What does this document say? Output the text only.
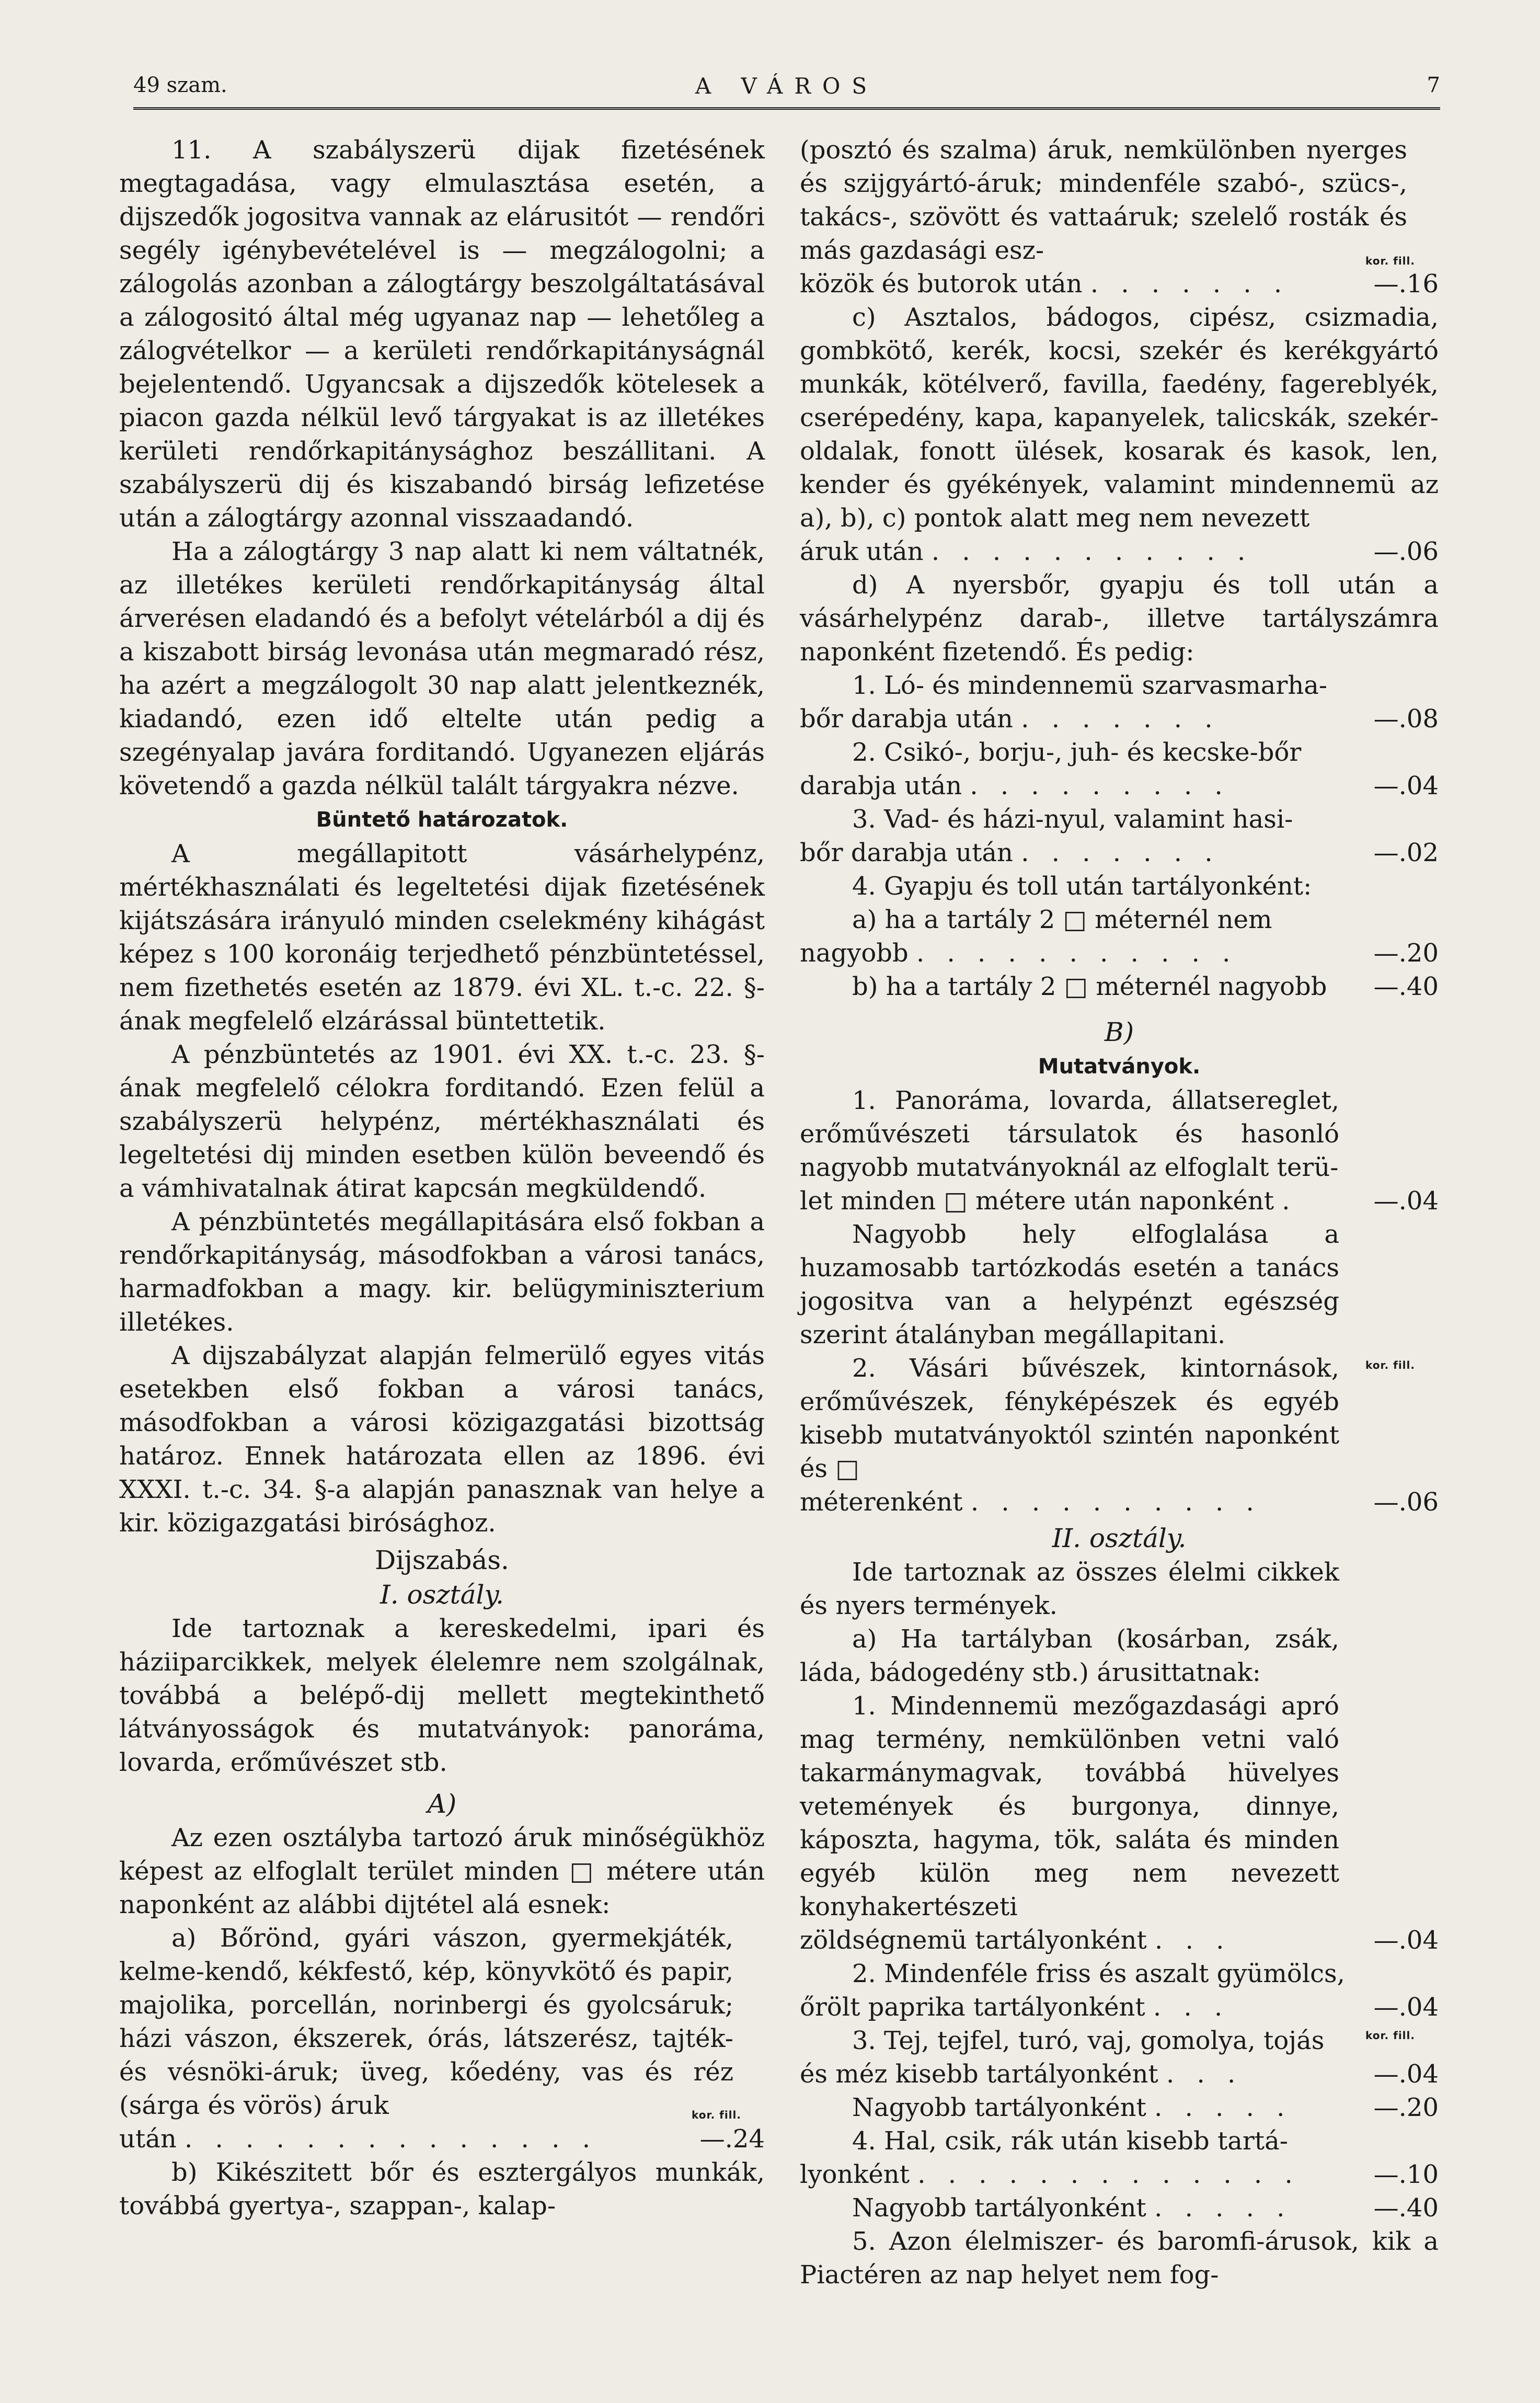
49 szam.	A VÁROS	7

11. A szabályszerü dijak fizetésének megtagadása, vagy elmulasztása esetén, a dijszedők jogositva vannak az elárusitót — rendőri segély igénybevételével is — megzálogolni; a zálogolás azonban a zálogtárgy beszolgáltatásával a zálogositó által még ugyanaz nap — lehetőleg a zálogvételkor — a kerületi rendőrkapitányságnál bejelentendő. Ugyancsak a dijszedők kötelesek a piacon gazda nélkül levő tárgyakat is az illetékes kerületi rendőrkapitánysághoz beszállitani. A szabályszerü dij és kiszabandó birság lefizetése után a zálogtárgy azonnal visszaadandó.

Ha a zálogtárgy 3 nap alatt ki nem váltatnék, az illetékes kerületi rendőrkapitányság által árverésen eladandó és a befolyt vételárból a dij és a kiszabott birság levonása után megmaradó rész, ha azért a megzálogolt 30 nap alatt jelentkeznék, kiadandó, ezen idő eltelte után pedig a szegényalap javára forditandó. Ugyanezen eljárás követendő a gazda nélkül talált tárgyakra nézve.

Büntető határozatok.

A megállapitott vásárhelypénz, mértékhasználati és legeltetési dijak fizetésének kijátszására irányuló minden cselekmény kihágást képez s 100 koronáig terjedhető pénzbüntetéssel, nem fizethetés esetén az 1879. évi XL. t.-c. 22. §-ának megfelelő elzárással büntettetik.

A pénzbüntetés az 1901. évi XX. t.-c. 23. §-ának megfelelő célokra forditandó. Ezen felül a szabályszerü helypénz, mértékhasználati és legeltetési dij minden esetben külön beveendő és a vámhivatalnak átirat kapcsán megküldendő.

A pénzbüntetés megállapitására első fokban a rendőrkapitányság, másodfokban a városi tanács, harmadfokban a magy. kir. belügyminiszterium illetékes.

A dijszabályzat alapján felmerülő egyes vitás esetekben első fokban a városi tanács, másodfokban a városi közigazgatási bizottság határoz. Ennek határozata ellen az 1896. évi XXXI. t.-c. 34. §-a alapján panasznak van helye a kir. közigazgatási birósághoz.

Dijszabás.

I. osztály.

Ide tartoznak a kereskedelmi, ipari és háziiparcikkek, melyek élelemre nem szolgálnak, továbbá a belépő-dij mellett megtekinthető látványosságok és mutatványok: panoráma, lovarda, erőművészet stb.

A)

Az ezen osztályba tartozó áruk minőségükhöz képest az elfoglalt terület minden □ métere után naponként az alábbi dijtétel alá esnek:

a) Bőrönd, gyári vászon, gyermekjáték, kelme-kendő, kékfestő, kép, könyvkötő és papir, majolika, porcellán, norinbergi és gyolcsáruk; házi vászon, ékszerek, órás, látszerész, tajték- és vésnöki-áruk; üveg, kőedény, vas és réz (sárga és vörös) áruk	kor. fill.
után . . . . . . . . . . . . . .	—.24

b) Kikészitett bőr és esztergályos munkák, továbbá gyertya-, szappan-, kalap-

(posztó és szalma) áruk, nemkülönben nyerges és szijgyártó-áruk; mindenféle szabó-, szücs-, takács-, szövött és vattaáruk; szelelő rosták és más gazdasági esz-	kor. fill.
közök és butorok után . . . . . . .	—.16

c) Asztalos, bádogos, cipész, csizmadia, gombkötő, kerék, kocsi, szekér és kerékgyártó munkák, kötélverő, favilla, faedény, fagereblyék, cserépedény, kapa, kapanyelek, talicskák, szekér-oldalak, fonott ülések, kosarak és kasok, len, kender és gyékények, valamint mindennemü az a), b), c) pontok alatt meg nem nevezett

áruk után . . . . . . . . . . .	—.06

d) A nyersbőr, gyapju és toll után a vásárhelypénz darab-, illetve tartályszámra naponként fizetendő. És pedig:

1. Ló- és mindennemü szarvasmarha-

bőr darabja után . . . . . . .	—.08

2. Csikó-, borju-, juh- és kecske-bőr

darabja után . . . . . . . . .	—.04

3. Vad- és házi-nyul, valamint hasi-

bőr darabja után . . . . . . .	—.02

4. Gyapju és toll után tartályonként:

a) ha a tartály 2 □ méternél nem

nagyobb . . . . . . . . . . .	—.20
b) ha a tartály 2 □ méternél nagyobb —.40

B)

Mutatványok.

1. Panoráma, lovarda, állatsereglet, erőművészeti társulatok és hasonló nagyobb mutatványoknál az elfoglalt terü-

let minden □ métere után naponként .	—.04

Nagyobb hely elfoglalása a huzamosabb tartózkodás esetén a tanács jogositva van a helypénzt egészség szerint átalányban megállapitani.

kor. fill.

2. Vásári bűvészek, kintornások, erőművészek, fényképészek és egyéb kisebb mutatványoktól szintén naponként és □

méterenként . . . . . . . . . .	—.06

II. osztály.

Ide tartoznak az összes élelmi cikkek és nyers termények.

a) Ha tartályban (kosárban, zsák, láda, bádogedény stb.) árusittatnak:

1. Mindennemü mezőgazdasági apró mag termény, nemkülönben vetni való takarmánymagvak, továbbá hüvelyes vetemények és burgonya, dinnye, káposzta, hagyma, tök, saláta és minden egyéb külön meg nem nevezett konyhakertészeti

zöldségnemü tartályonként . . .	—.04

2. Mindenféle friss és aszalt gyümölcs,

őrölt paprika tartályonként . . .	—.04
kor. fill.

3. Tej, tejfel, turó, vaj, gomolya, tojás

és méz kisebb tartályonként . . .	—.04
Nagyobb tartályonként . . . . .	—.20

4. Hal, csik, rák után kisebb tartá-

lyonként . . . . . . . . . . . . .	—.10
Nagyobb tartályonként . . . . .	—.40

5. Azon élelmiszer- és baromfi-árusok, kik a Piactéren az nap helyet nem fog-
